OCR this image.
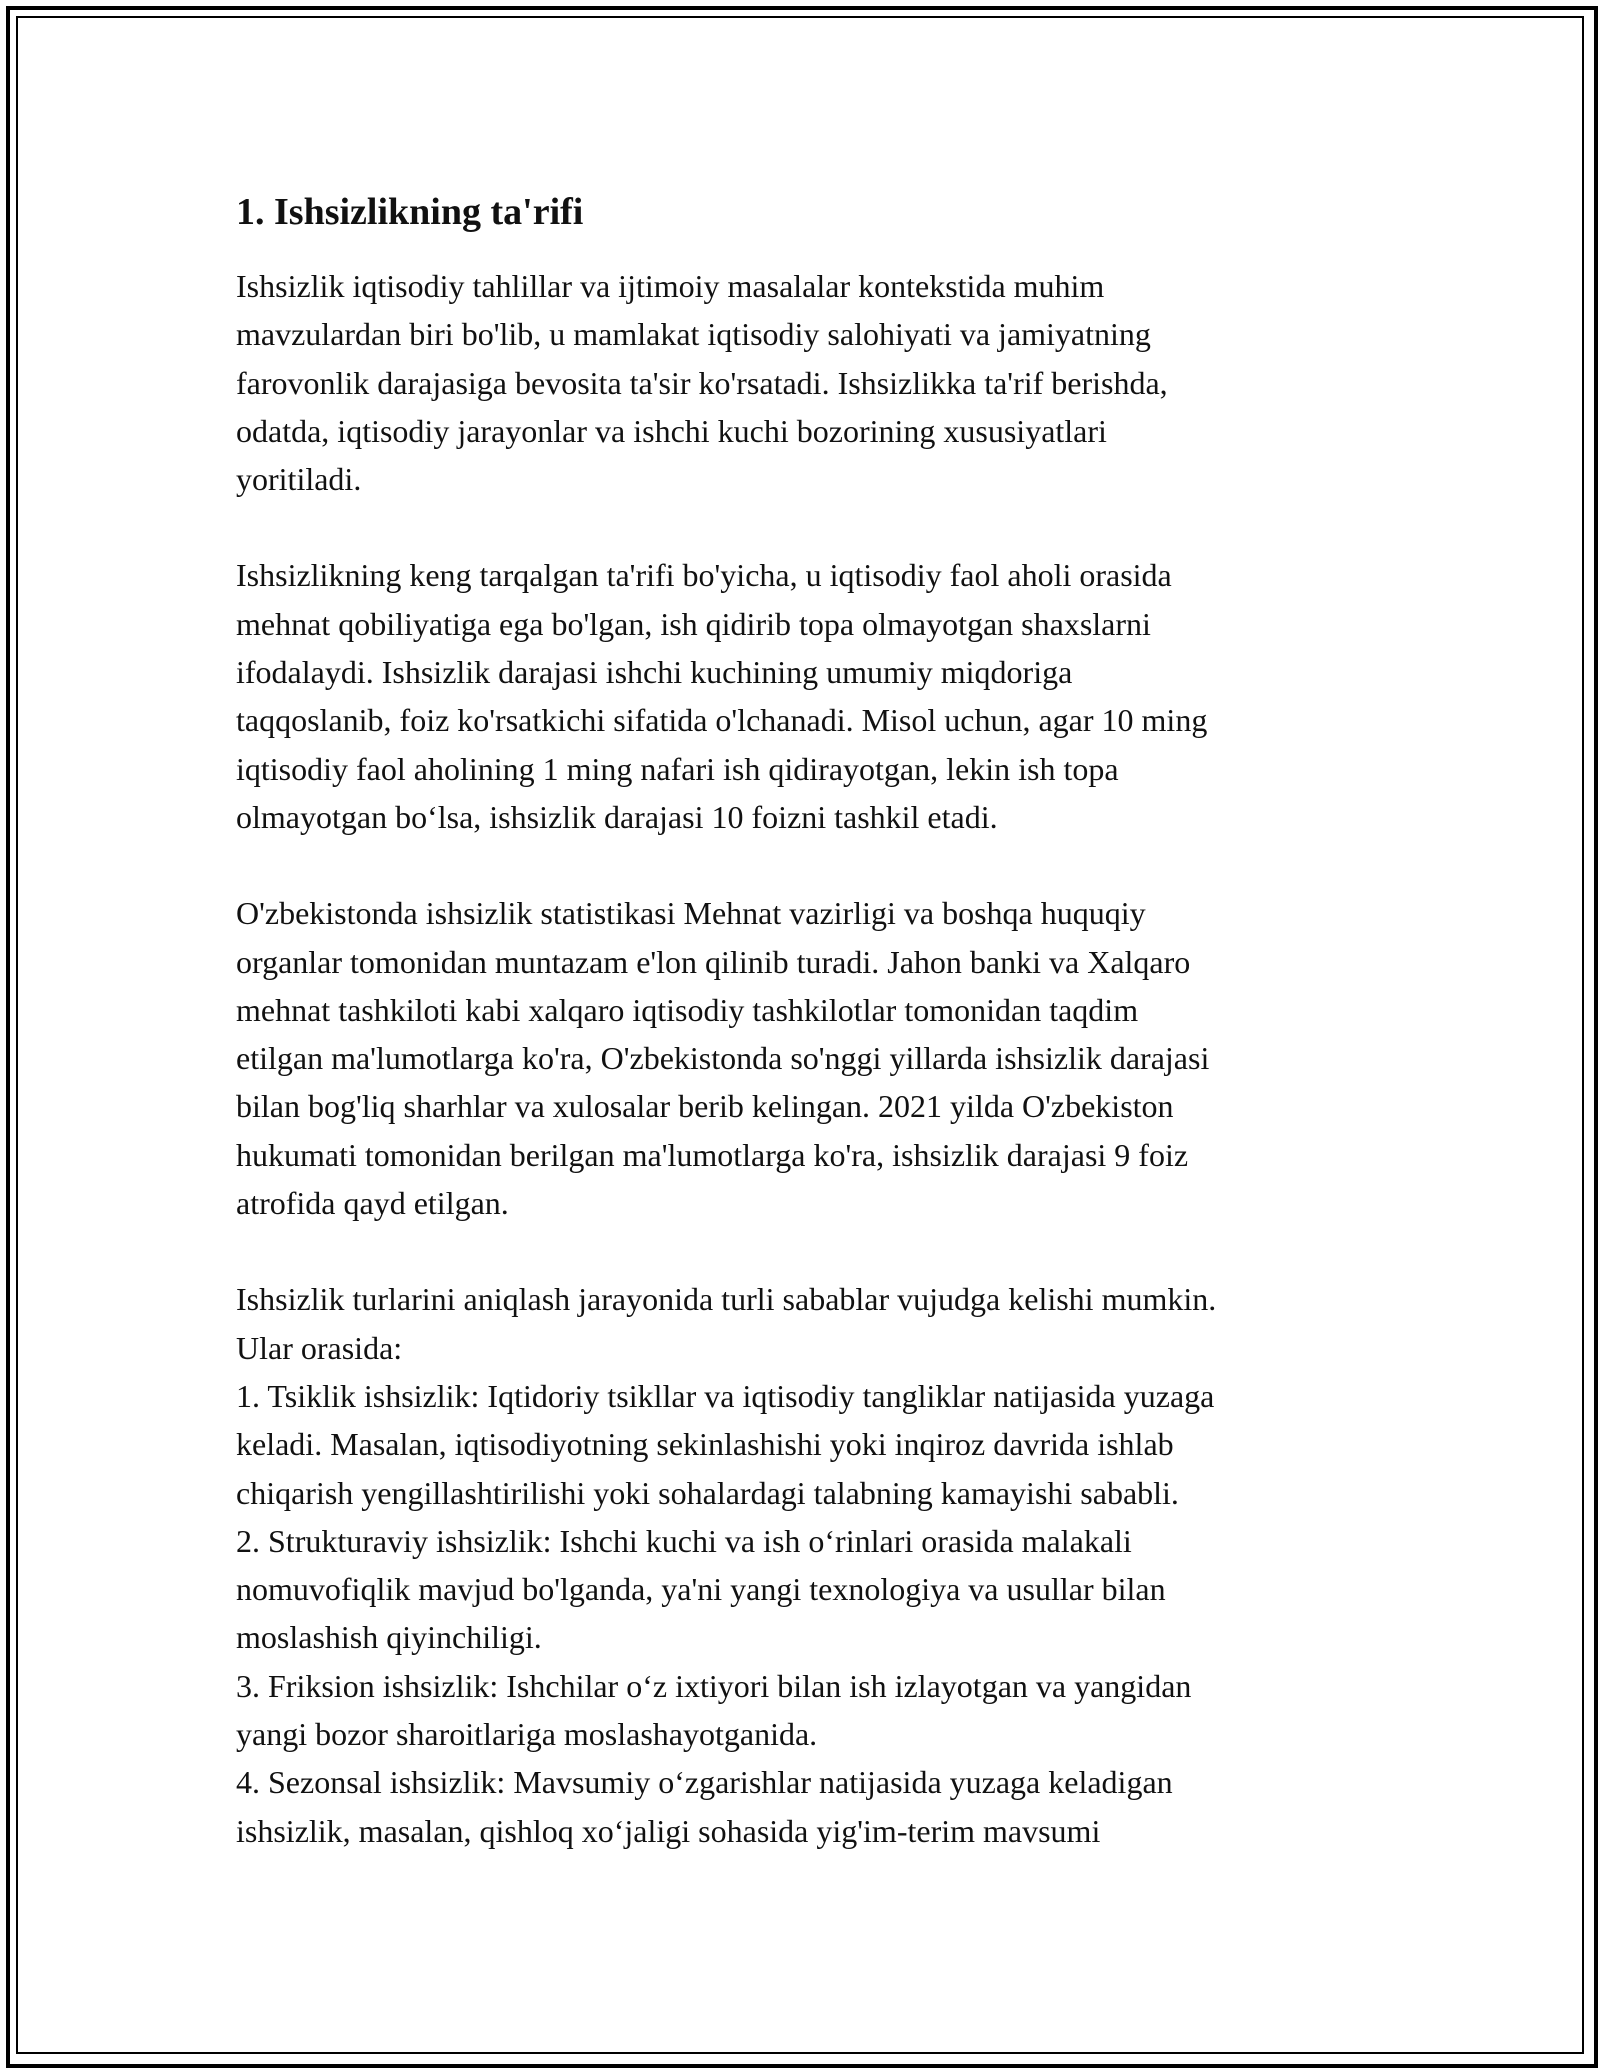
1. Ishsizlikning ta'rifi

Ishsizlik iqtisodiy tahlillar va ijtimoiy masalalar kontekstida muhim
mavzulardan biri bo'lib, u mamlakat iqtisodiy salohiyati va jamiyatning
farovonlik darajasiga bevosita ta'sir ko'rsatadi. Ishsizlikka ta'rif berishda,
odatda, iqtisodiy jarayonlar va ishchi kuchi bozorining xususiyatlari
yoritiladi.

Ishsizlikning keng tarqalgan ta'rifi bo'yicha, u iqtisodiy faol aholi orasida
mehnat qobiliyatiga ega bo'lgan, ish qidirib topa olmayotgan shaxslarni
ifodalaydi. Ishsizlik darajasi ishchi kuchining umumiy miqdoriga
taqqoslanib, foiz ko'rsatkichi sifatida o'lchanadi. Misol uchun, agar 10 ming
iqtisodiy faol aholining 1 ming nafari ish qidirayotgan, lekin ish topa
olmayotgan bo‘lsa, ishsizlik darajasi 10 foizni tashkil etadi.

O'zbekistonda ishsizlik statistikasi Mehnat vazirligi va boshqa huquqiy
organlar tomonidan muntazam e'lon qilinib turadi. Jahon banki va Xalqaro
mehnat tashkiloti kabi xalqaro iqtisodiy tashkilotlar tomonidan taqdim
etilgan ma'lumotlarga ko'ra, O'zbekistonda so'nggi yillarda ishsizlik darajasi
bilan bog'liq sharhlar va xulosalar berib kelingan. 2021 yilda O'zbekiston
hukumati tomonidan berilgan ma'lumotlarga ko'ra, ishsizlik darajasi 9 foiz
atrofida qayd etilgan.

Ishsizlik turlarini aniqlash jarayonida turli sabablar vujudga kelishi mumkin.
Ular orasida:
1. Tsiklik ishsizlik: Iqtidoriy tsikllar va iqtisodiy tangliklar natijasida yuzaga
keladi. Masalan, iqtisodiyotning sekinlashishi yoki inqiroz davrida ishlab
chiqarish yengillashtirilishi yoki sohalardagi talabning kamayishi sababli.
2. Strukturaviy ishsizlik: Ishchi kuchi va ish o‘rinlari orasida malakali
nomuvofiqlik mavjud bo'lganda, ya'ni yangi texnologiya va usullar bilan
moslashish qiyinchiligi.
3. Friksion ishsizlik: Ishchilar o‘z ixtiyori bilan ish izlayotgan va yangidan
yangi bozor sharoitlariga moslashayotganida.
4. Sezonsal ishsizlik: Mavsumiy o‘zgarishlar natijasida yuzaga keladigan
ishsizlik, masalan, qishloq xo‘jaligi sohasida yig'im-terim mavsumi
